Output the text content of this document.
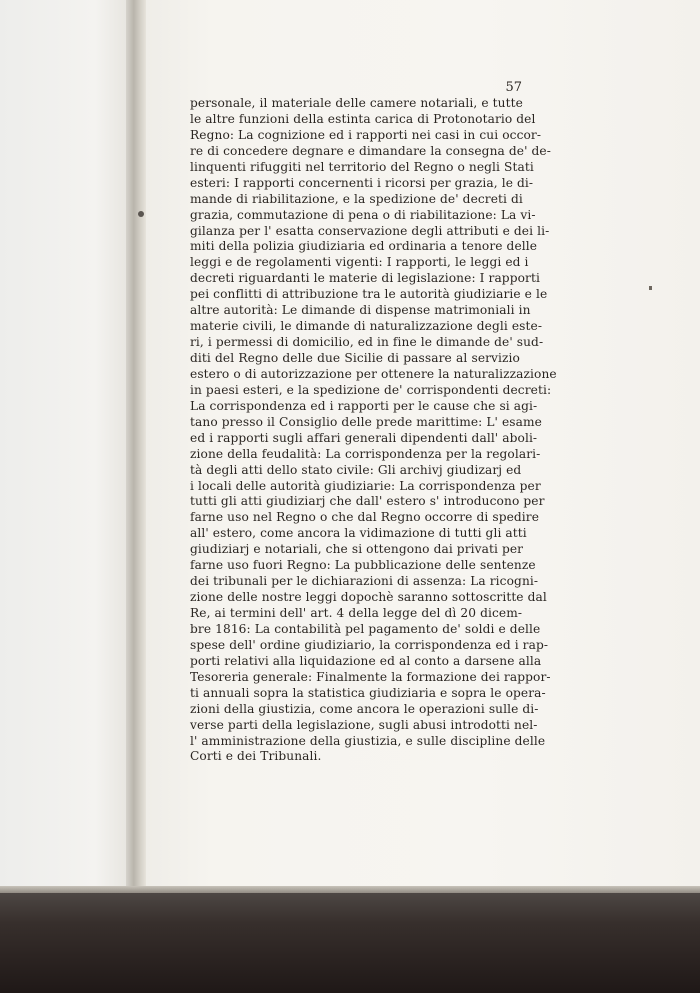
57
personale, il materiale delle camere notariali, e tutte
le altre funzioni della estinta carica di Protonotario del
Regno: La cognizione ed i rapporti nei casi in cui occor-
re di concedere degnare e dimandare la consegna de' de-
linquenti rifuggiti nel territorio del Regno o negli Stati
esteri: I rapporti concernenti i ricorsi per grazia, le di-
mande di riabilitazione, e la spedizione de' decreti di
grazia, commutazione di pena o di riabilitazione: La vi-
gilanza per l' esatta conservazione degli attributi e dei li-
miti della polizia giudiziaria ed ordinaria a tenore delle
leggi e de regolamenti vigenti: I rapporti, le leggi ed i
decreti riguardanti le materie di legislazione: I rapporti
pei conflitti di attribuzione tra le autorità giudiziarie e le
altre autorità: Le dimande di dispense matrimoniali in
materie civili, le dimande di naturalizzazione degli este-
ri, i permessi di domicilio, ed in fine le dimande de' sud-
diti del Regno delle due Sicilie di passare al servizio
estero o di autorizzazione per ottenere la naturalizzazione
in paesi esteri, e la spedizione de' corrispondenti decreti:
La corrispondenza ed i rapporti per le cause che si agi-
tano presso il Consiglio delle prede marittime: L' esame
ed i rapporti sugli affari generali dipendenti dall' aboli-
zione della feudalità: La corrispondenza per la regolari-
tà degli atti dello stato civile: Gli archivj giudizarj ed
i locali delle autorità giudiziarie: La corrispondenza per
tutti gli atti giudiziarj che dall' estero s' introducono per
farne uso nel Regno o che dal Regno occorre di spedire
all' estero, come ancora la vidimazione di tutti gli atti
giudiziarj e notariali, che si ottengono dai privati per
farne uso fuori Regno: La pubblicazione delle sentenze
dei tribunali per le dichiarazioni di assenza: La ricogni-
zione delle nostre leggi dopochè saranno sottoscritte dal
Re, ai termini dell' art. 4 della legge del dì 20 dicem-
bre 1816: La contabilità pel pagamento de' soldi e delle
spese dell' ordine giudiziario, la corrispondenza ed i rap-
porti relativi alla liquidazione ed al conto a darsene alla
Tesoreria generale: Finalmente la formazione dei rappor-
ti annuali sopra la statistica giudiziaria e sopra le opera-
zioni della giustizia, come ancora le operazioni sulle di-
verse parti della legislazione, sugli abusi introdotti nel-
l' amministrazione della giustizia, e sulle discipline delle
Corti e dei Tribunali.
